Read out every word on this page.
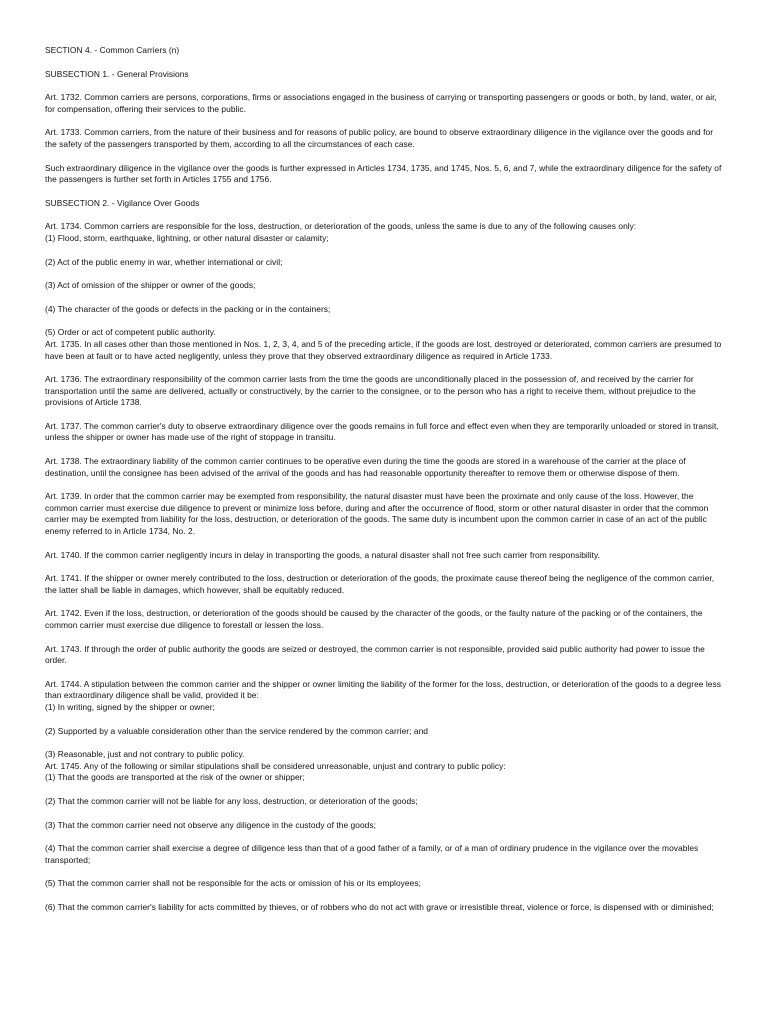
SECTION 4. - Common Carriers (n)

SUBSECTION 1. - General Provisions

Art. 1732. Common carriers are persons, corporations, firms or associations engaged in the business of carrying or transporting passengers or goods or both, by land, water, or air, for compensation, offering their services to the public.

Art. 1733. Common carriers, from the nature of their business and for reasons of public policy, are bound to observe extraordinary diligence in the vigilance over the goods and for the safety of the passengers transported by them, according to all the circumstances of each case.

Such extraordinary diligence in the vigilance over the goods is further expressed in Articles 1734, 1735, and 1745, Nos. 5, 6, and 7, while the extraordinary diligence for the safety of the passengers is further set forth in Articles 1755 and 1756.

SUBSECTION 2. - Vigilance Over Goods

Art. 1734. Common carriers are responsible for the loss, destruction, or deterioration of the goods, unless the same is due to any of the following causes only:
(1) Flood, storm, earthquake, lightning, or other natural disaster or calamity;

(2) Act of the public enemy in war, whether international or civil;

(3) Act of omission of the shipper or owner of the goods;

(4) The character of the goods or defects in the packing or in the containers;

(5) Order or act of competent public authority.
Art. 1735. In all cases other than those mentioned in Nos. 1, 2, 3, 4, and 5 of the preceding article, if the goods are lost, destroyed or deteriorated, common carriers are presumed to have been at fault or to have acted negligently, unless they prove that they observed extraordinary diligence as required in Article 1733.

Art. 1736. The extraordinary responsibility of the common carrier lasts from the time the goods are unconditionally placed in the possession of, and received by the carrier for transportation until the same are delivered, actually or constructively, by the carrier to the consignee, or to the person who has a right to receive them, without prejudice to the provisions of Article 1738.

Art. 1737. The common carrier's duty to observe extraordinary diligence over the goods remains in full force and effect even when they are temporarily unloaded or stored in transit, unless the shipper or owner has made use of the right of stoppage in transitu.

Art. 1738. The extraordinary liability of the common carrier continues to be operative even during the time the goods are stored in a warehouse of the carrier at the place of destination, until the consignee has been advised of the arrival of the goods and has had reasonable opportunity thereafter to remove them or otherwise dispose of them.

Art. 1739. In order that the common carrier may be exempted from responsibility, the natural disaster must have been the proximate and only cause of the loss. However, the common carrier must exercise due diligence to prevent or minimize loss before, during and after the occurrence of flood, storm or other natural disaster in order that the common carrier may be exempted from liability for the loss, destruction, or deterioration of the goods. The same duty is incumbent upon the common carrier in case of an act of the public enemy referred to in Article 1734, No. 2.

Art. 1740. If the common carrier negligently incurs in delay in transporting the goods, a natural disaster shall not free such carrier from responsibility.

Art. 1741. If the shipper or owner merely contributed to the loss, destruction or deterioration of the goods, the proximate cause thereof being the negligence of the common carrier, the latter shall be liable in damages, which however, shall be equitably reduced.

Art. 1742. Even if the loss, destruction, or deterioration of the goods should be caused by the character of the goods, or the faulty nature of the packing or of the containers, the common carrier must exercise due diligence to forestall or lessen the loss.

Art. 1743. If through the order of public authority the goods are seized or destroyed, the common carrier is not responsible, provided said public authority had power to issue the order.

Art. 1744. A stipulation between the common carrier and the shipper or owner limiting the liability of the former for the loss, destruction, or deterioration of the goods to a degree less than extraordinary diligence shall be valid, provided it be:
(1) In writing, signed by the shipper or owner;

(2) Supported by a valuable consideration other than the service rendered by the common carrier; and

(3) Reasonable, just and not contrary to public policy.
Art. 1745. Any of the following or similar stipulations shall be considered unreasonable, unjust and contrary to public policy:
(1) That the goods are transported at the risk of the owner or shipper;

(2) That the common carrier will not be liable for any loss, destruction, or deterioration of the goods;

(3) That the common carrier need not observe any diligence in the custody of the goods;

(4) That the common carrier shall exercise a degree of diligence less than that of a good father of a family, or of a man of ordinary prudence in the vigilance over the movables transported;

(5) That the common carrier shall not be responsible for the acts or omission of his or its employees;

(6) That the common carrier's liability for acts committed by thieves, or of robbers who do not act with grave or irresistible threat, violence or force, is dispensed with or diminished;
